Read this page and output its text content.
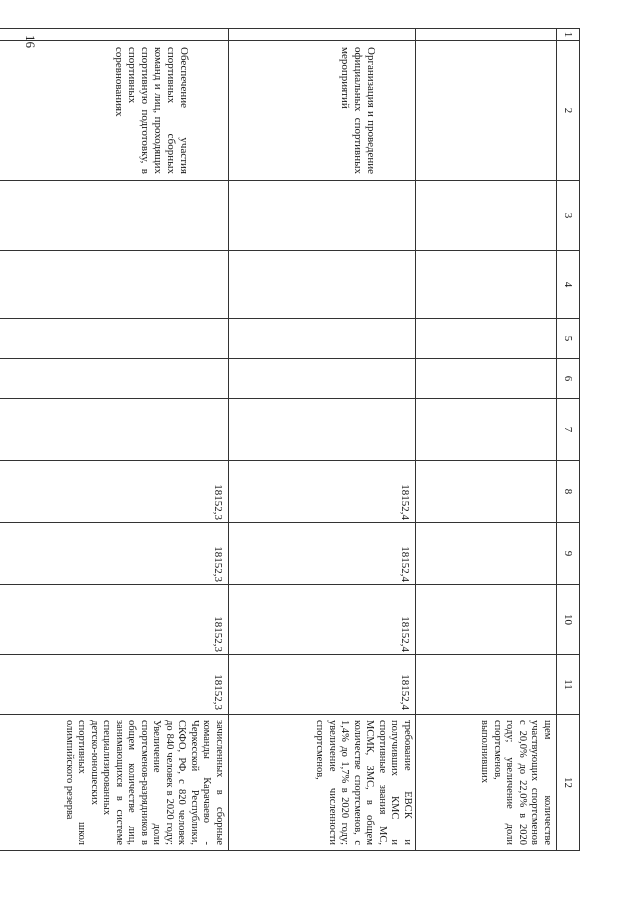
16
1	2	3	4	5	6	7	8	9	10	11	12
											щем количестве участвующих спортсменов с 20,0% до 22,0% в 2020 году; увеличение доли спортсменов, выполнивших
	Организация и проведение официальных спортивных мероприятий						18152,4	18152,4	18152,4	18152,4	требование ЕВСК и получивших КМС и спортивные звания МС, МСМК, ЗМС, в общем количестве спортсменов, с 1,4% до 1,7% в 2020 году; увеличение численности спортсменов,
	Обеспечение участия спортивных сборных команд и лиц, проходящих спортивную подготовку, в спортивных соревнованиях						18152,3	18152,3	18152,3	18152,3	зачисленных в сборные команды Карачаево - Черкесской Республики, СКФО, РФ, с 820 человек до 840 человек в 2020 году; Увеличение доли спортсменов-разрядников в общем количестве лиц, занимающихся в системе специализированных детско-юношеских спортивных школ олимпийского резерва
